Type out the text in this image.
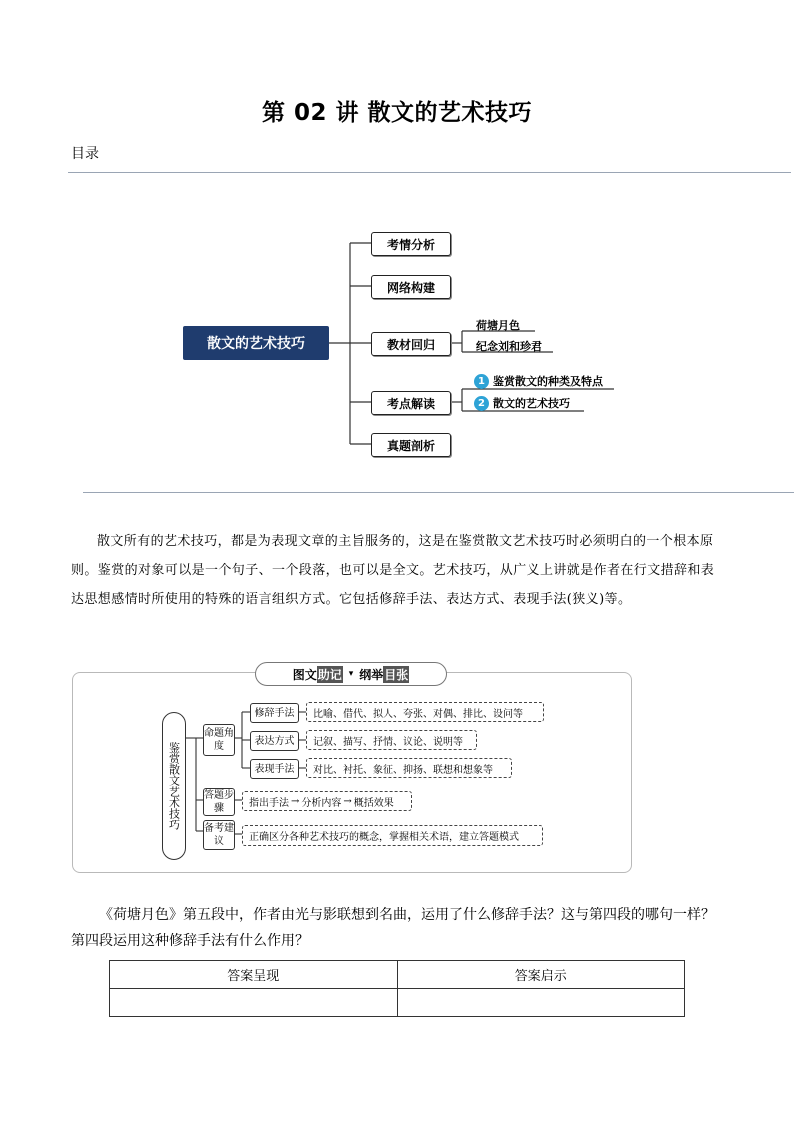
第 02 讲 散文的艺术技巧
目录
散文的艺术技巧
考情分析
网络构建
教材回归
考点解读
真题剖析
荷塘月色
纪念刘和珍君
1 鉴赏散文的种类及特点
2 散文的艺术技巧

散文所有的艺术技巧，都是为表现文章的主旨服务的，这是在鉴赏散文艺术技巧时必须明白的一个根本原则。鉴赏的对象可以是一个句子、一个段落，也可以是全文。艺术技巧，从广义上讲就是作者在行文措辞和表达思想感情时所使用的特殊的语言组织方式。它包括修辞手法、表达方式、表现手法(狭义)等。

图文 助记 ▾ 纲举 目张
鉴赏散文艺术技巧
命题角度
答题步骤
备考建议
修辞手法
表达方式
表现手法
比喻、借代、拟人、夸张、对偶、排比、设问等
记叙、描写、抒情、议论、说明等
对比、衬托、象征、抑扬、联想和想象等
指出手法 → 分析内容 → 概括效果
正确区分各种艺术技巧的概念，掌握相关术语，建立答题模式

《荷塘月色》第五段中，作者由光与影联想到名曲，运用了什么修辞手法？这与第四段的哪句一样？第四段运用这种修辞手法有什么作用？

答案呈现	答案启示
